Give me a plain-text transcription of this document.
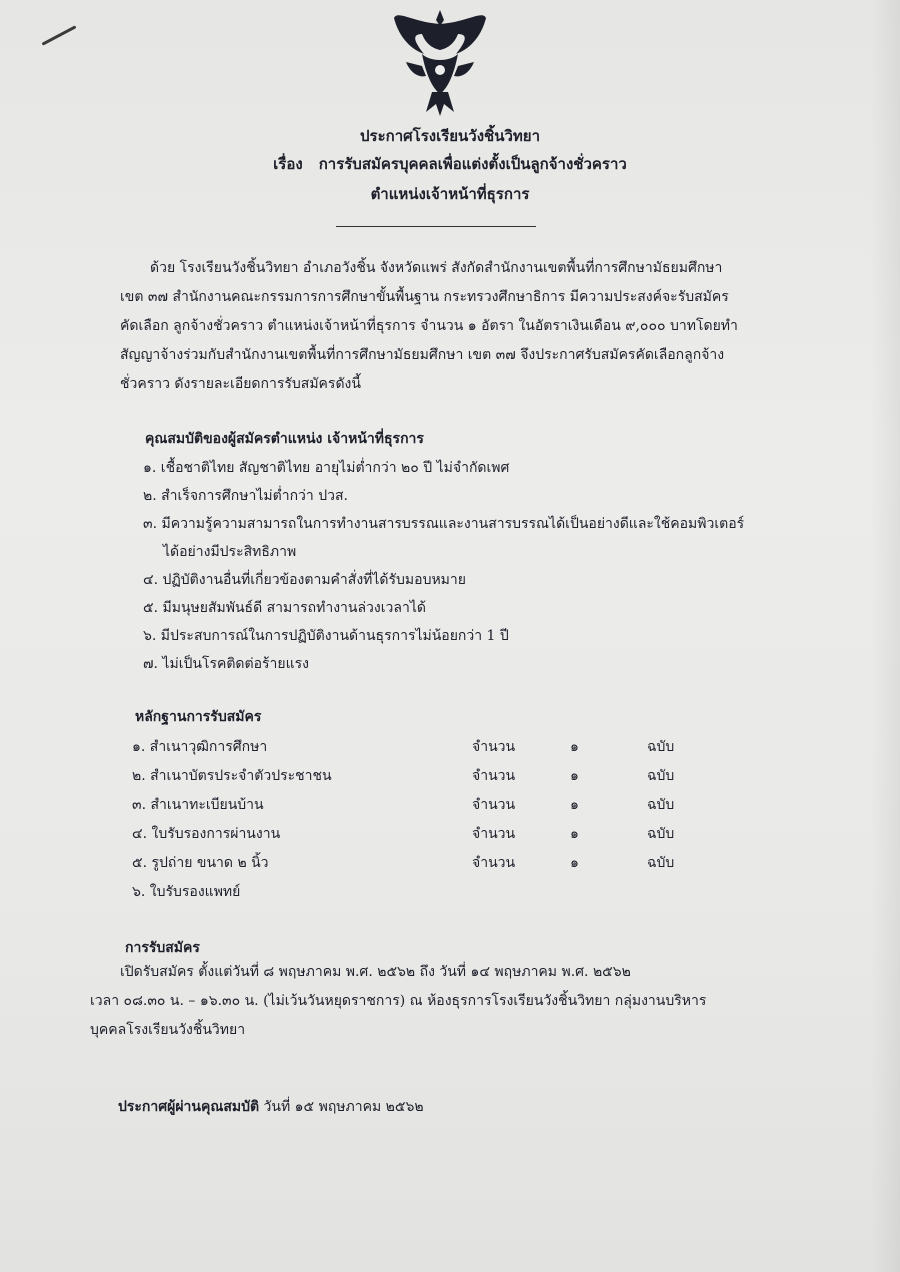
ประกาศโรงเรียนวังชิ้นวิทยา
เรื่อง การรับสมัครบุคคลเพื่อแต่งตั้งเป็นลูกจ้างชั่วคราว
ตำแหน่งเจ้าหน้าที่ธุรการ
ด้วย โรงเรียนวังชิ้นวิทยา อำเภอวังชิ้น จังหวัดแพร่ สังกัดสำนักงานเขตพื้นที่การศึกษามัธยมศึกษา
เขต ๓๗ สำนักงานคณะกรรมการการศึกษาขั้นพื้นฐาน กระทรวงศึกษาธิการ มีความประสงค์จะรับสมัคร
คัดเลือก ลูกจ้างชั่วคราว ตำแหน่งเจ้าหน้าที่ธุรการ จำนวน ๑ อัตรา ในอัตราเงินเดือน ๙,๐๐๐ บาทโดยทำ
สัญญาจ้างร่วมกับสำนักงานเขตพื้นที่การศึกษามัธยมศึกษา เขต ๓๗ จึงประกาศรับสมัครคัดเลือกลูกจ้าง
ชั่วคราว ดังรายละเอียดการรับสมัครดังนี้
คุณสมบัติของผู้สมัครตำแหน่ง เจ้าหน้าที่ธุรการ
๑. เชื้อชาติไทย สัญชาติไทย อายุไม่ต่ำกว่า ๒๐ ปี ไม่จำกัดเพศ
๒. สำเร็จการศึกษาไม่ต่ำกว่า ปวส.
๓. มีความรู้ความสามารถในการทำงานสารบรรณและงานสารบรรณได้เป็นอย่างดีและใช้คอมพิวเตอร์
ได้อย่างมีประสิทธิภาพ
๔. ปฏิบัติงานอื่นที่เกี่ยวข้องตามคำสั่งที่ได้รับมอบหมาย
๕. มีมนุษยสัมพันธ์ดี สามารถทำงานล่วงเวลาได้
๖. มีประสบการณ์ในการปฏิบัติงานด้านธุรการไม่น้อยกว่า 1 ปี
๗. ไม่เป็นโรคติดต่อร้ายแรง
หลักฐานการรับสมัคร
๑. สำเนาวุฒิการศึกษา	จำนวน	๑	ฉบับ
๒. สำเนาบัตรประจำตัวประชาชน	จำนวน	๑	ฉบับ
๓. สำเนาทะเบียนบ้าน	จำนวน	๑	ฉบับ
๔. ใบรับรองการผ่านงาน	จำนวน	๑	ฉบับ
๕. รูปถ่าย ขนาด ๒ นิ้ว	จำนวน	๑	ฉบับ
๖. ใบรับรองแพทย์
การรับสมัคร
เปิดรับสมัคร ตั้งแต่วันที่ ๘ พฤษภาคม พ.ศ. ๒๕๖๒ ถึง วันที่ ๑๔ พฤษภาคม พ.ศ. ๒๕๖๒
เวลา ๐๘.๓๐ น. – ๑๖.๓๐ น. (ไม่เว้นวันหยุดราชการ) ณ ห้องธุรการโรงเรียนวังชิ้นวิทยา กลุ่มงานบริหาร
บุคคลโรงเรียนวังชิ้นวิทยา
ประกาศผู้ผ่านคุณสมบัติ วันที่ ๑๕ พฤษภาคม ๒๕๖๒
